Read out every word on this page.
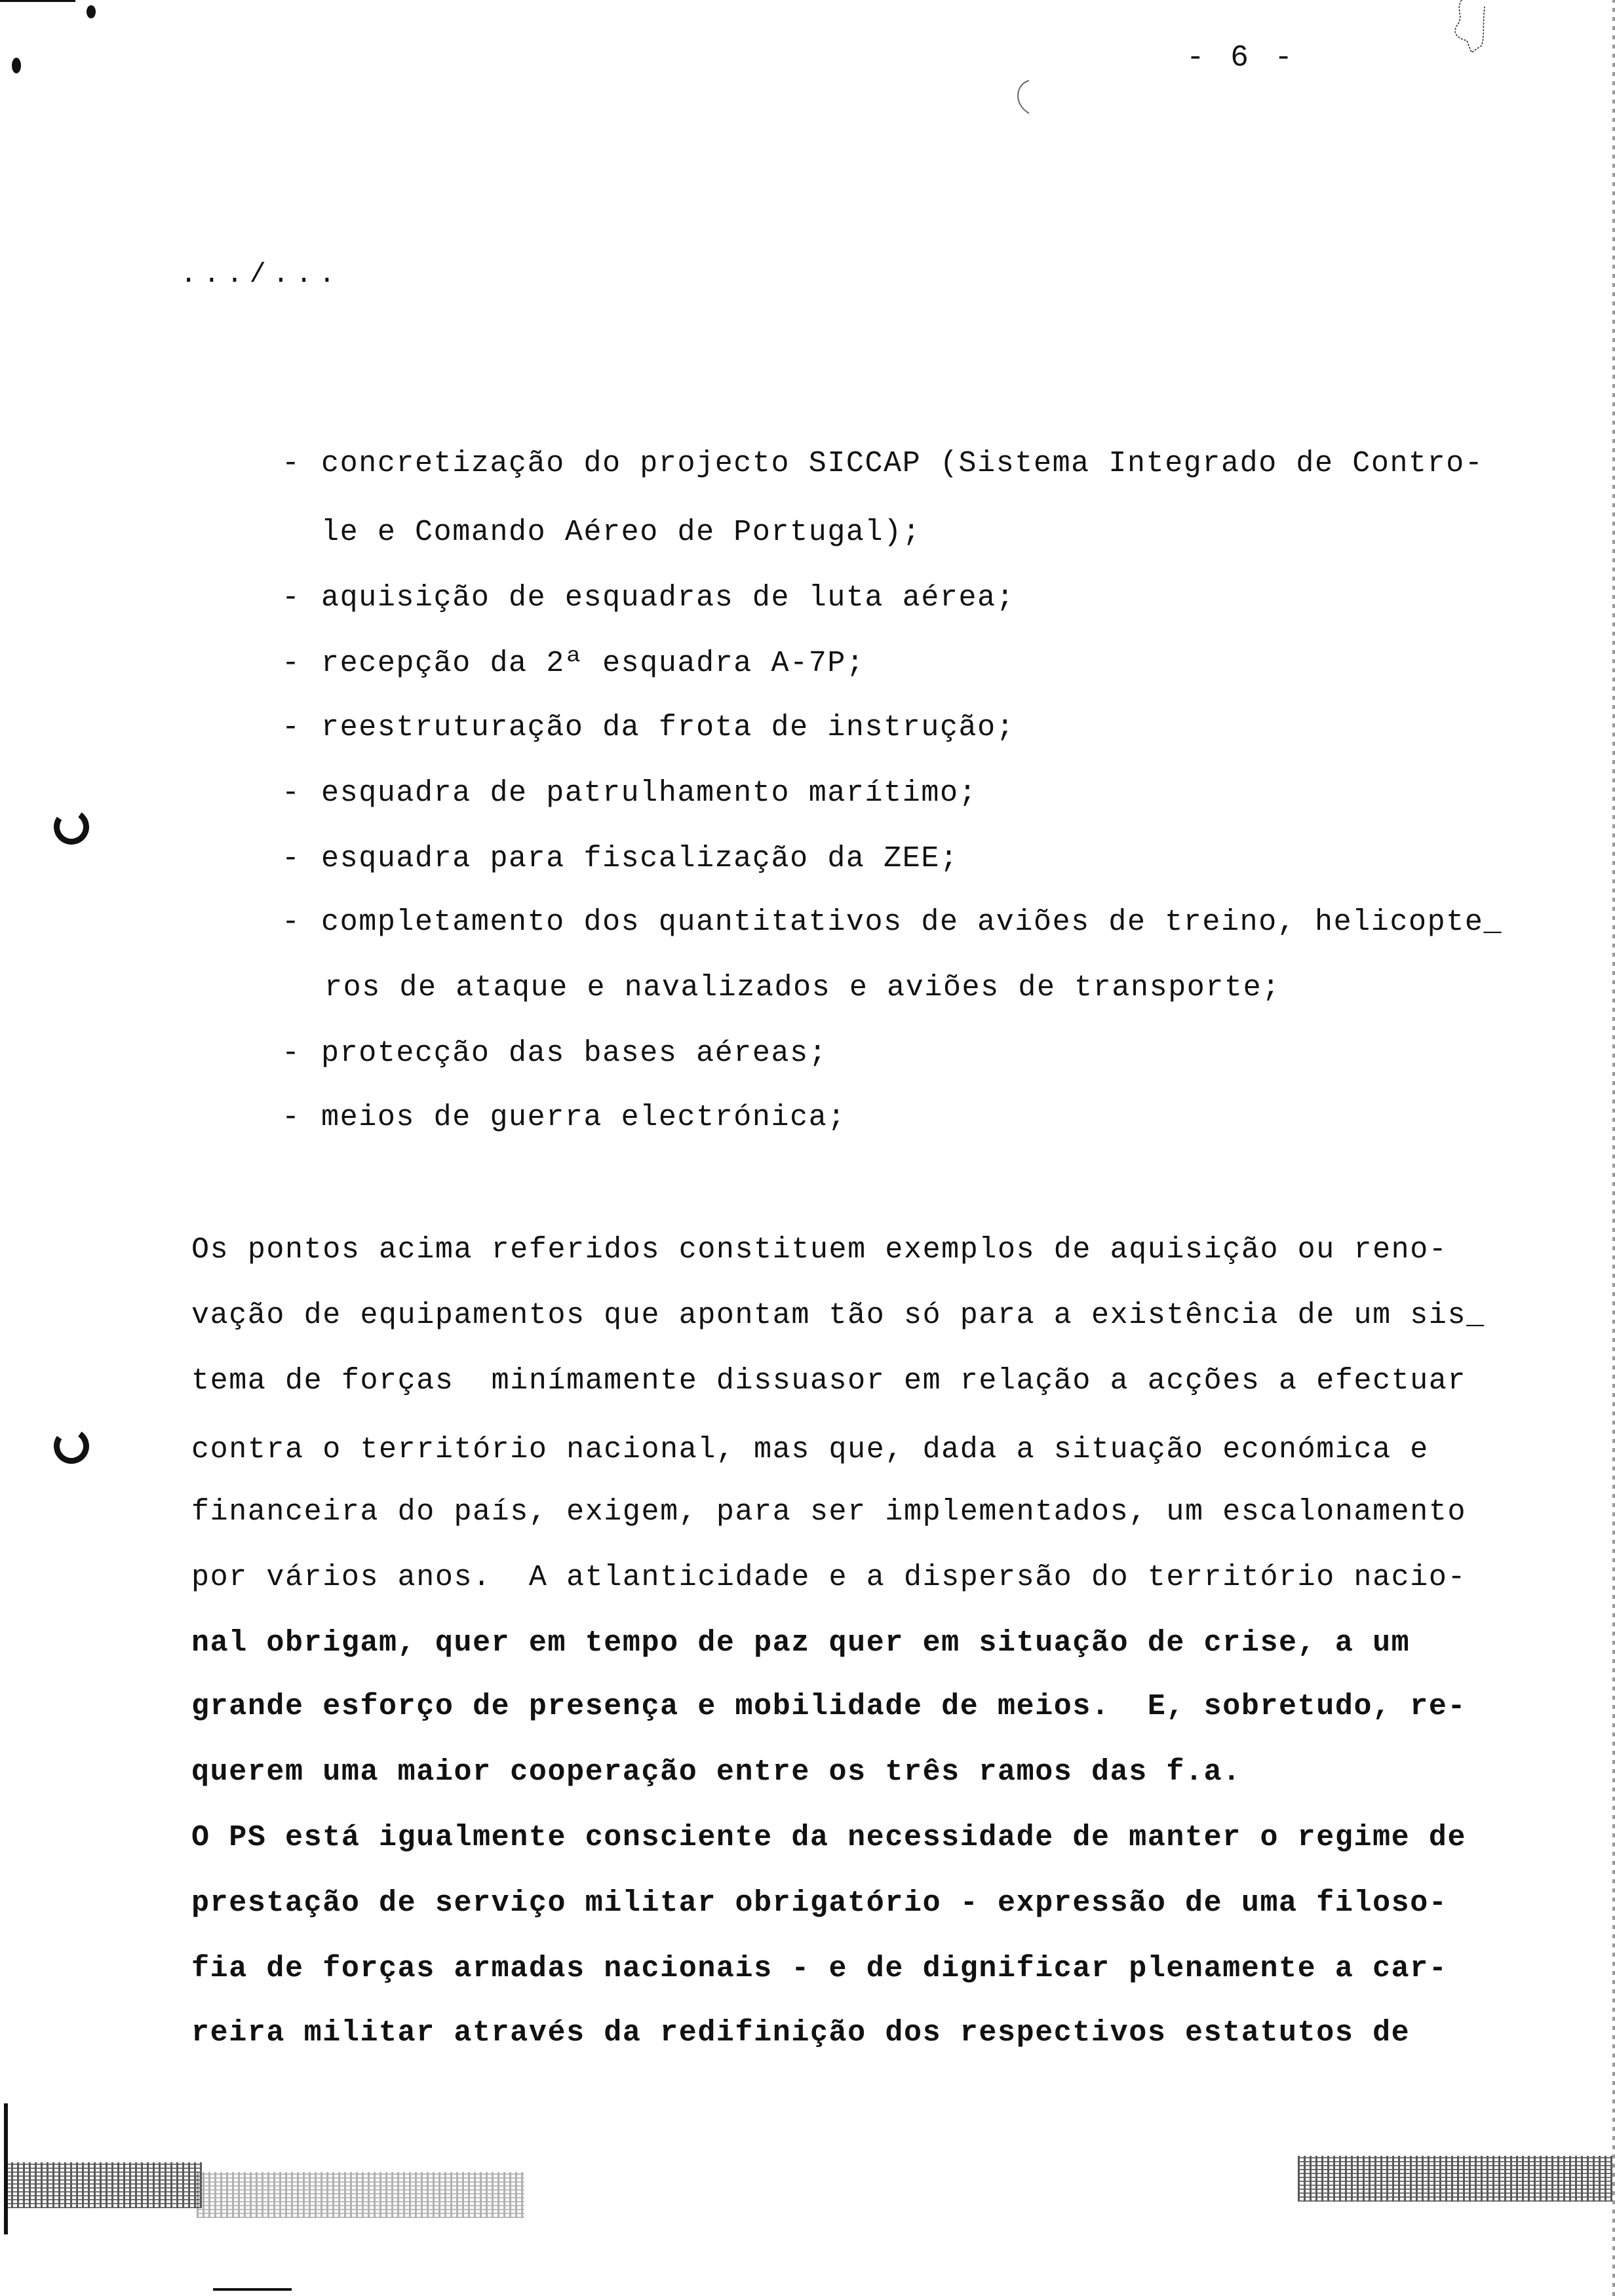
- 6 -
.../...
- concretização do projecto SICCAP (Sistema Integrado de Contro-
le e Comando Aéreo de Portugal);
- aquisição de esquadras de luta aérea;
- recepção da 2ª esquadra A-7P;
- reestruturação da frota de instrução;
- esquadra de patrulhamento marítimo;
- esquadra para fiscalização da ZEE;
- completamento dos quantitativos de aviões de treino, helicopte_
ros de ataque e navalizados e aviões de transporte;
- protecção das bases aéreas;
- meios de guerra electrónica;
Os pontos acima referidos constituem exemplos de aquisição ou reno-
vação de equipamentos que apontam tão só para a existência de um sis_
tema de forças  minímamente dissuasor em relação a acções a efectuar
contra o território nacional, mas que, dada a situação económica e
financeira do país, exigem, para ser implementados, um escalonamento
por vários anos.  A atlanticidade e a dispersão do território nacio-
nal obrigam, quer em tempo de paz quer em situação de crise, a um
grande esforço de presença e mobilidade de meios.  E, sobretudo, re-
querem uma maior cooperação entre os três ramos das f.a.
O PS está igualmente consciente da necessidade de manter o regime de
prestação de serviço militar obrigatório - expressão de uma filoso-
fia de forças armadas nacionais - e de dignificar plenamente a car-
reira militar através da redifinição dos respectivos estatutos de
